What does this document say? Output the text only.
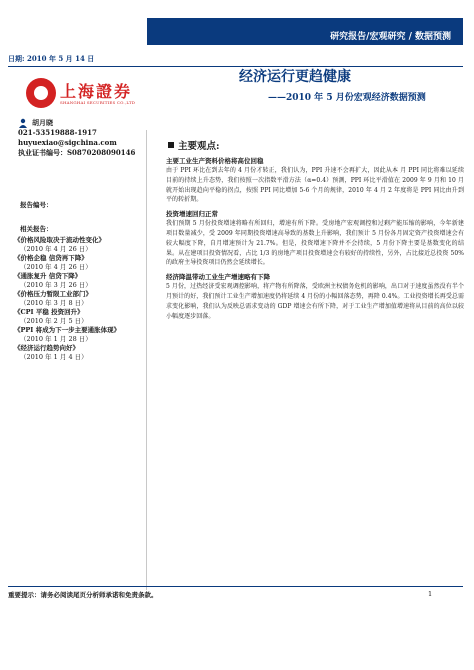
研究报告/宏观研究 / 数据预测
日期: 2010 年 5 月 14 日
上海證券
SHANGHAI SECURITIES CO.,LTD
经济运行更趋健康
——2010 年 5 月份宏观经济数据预测
胡月晓
021-53519888-1917
huyuexiao@sigchina.com
执业证书编号：S0870208090146
报告编号：
相关报告：
《价格风险取决于流动性变化》
（2010 年 4 月 26 日）
《价格企稳 信贷再下降》
（2010 年 4 月 26 日）
《通胀复升 信贷下降》
（2010 年 3 月 26 日）
《价格压力暂限工业部门》
（2010 年 3 月 8 日）
《CPI 平稳 投资回升》
（2010 年 2 月 5 日）
《PPI 将成为下一步主要通胀体现》
（2010 年 1 月 28 日）
《经济运行趋势向好》
（2010 年 1 月 4 日）
主要观点:
主要工业生产资料价格将高位回稳
由于 PPI 环比在到去年的 4 月份才转正，我们认为，PPI 升速不会再扩大，因此从本 月 PPI 同比将难以延续目前的持续上升态势，我们按照一次指数平滑方法（α=0.4）预测，PPI 环比平滑值在 2009 年 9 月和 10 月就开始出现趋向平稳的拐点，按照 PPI 同比增加 5-6 个月的规律，2010 年 4 月 2 年度将是 PPI 同比由升到平的转折期。
投资增速回归正常
我们预期 5 月份投资增速将略有所回归，增速有所下降。受房地产宏观调控和过剩产能压缩的影响，今年新建项目数量减少，受 2009 年同期投资增速高导致的基数上升影响，我们预计 5 月份各月固定资产投资增速会有较大幅度下降，自月增速预计为 21.7%。但是，投资增速下降并不会持续，5 月份下降主要是基数变化的结果。从在建项目投资情况看，占比 1/3 的房地产项目投资增速会有较好的持续性，另外，占比接近总投资 50% 的政府主导投资项目仍然会延续增长。
经济降温带动工业生产增速略有下降
5 月份，过热经济受宏观调控影响，将产物有所降落，受欧洲主权债务危机的影响，出口对于速度虽然没有半个月预计的好，我们预计工业生产增加速度仍将延续 4 月份的小幅回落态势，再降 0.4%。工业投资增长再受总需求变化影响，我们认为反映总需求变动的 GDP 增速会有所下降，对于工业生产增加值增速将从目前的高位以较小幅度逐步回落。
重要提示：请务必阅读尾页分析师承诺和免责条款。	1
